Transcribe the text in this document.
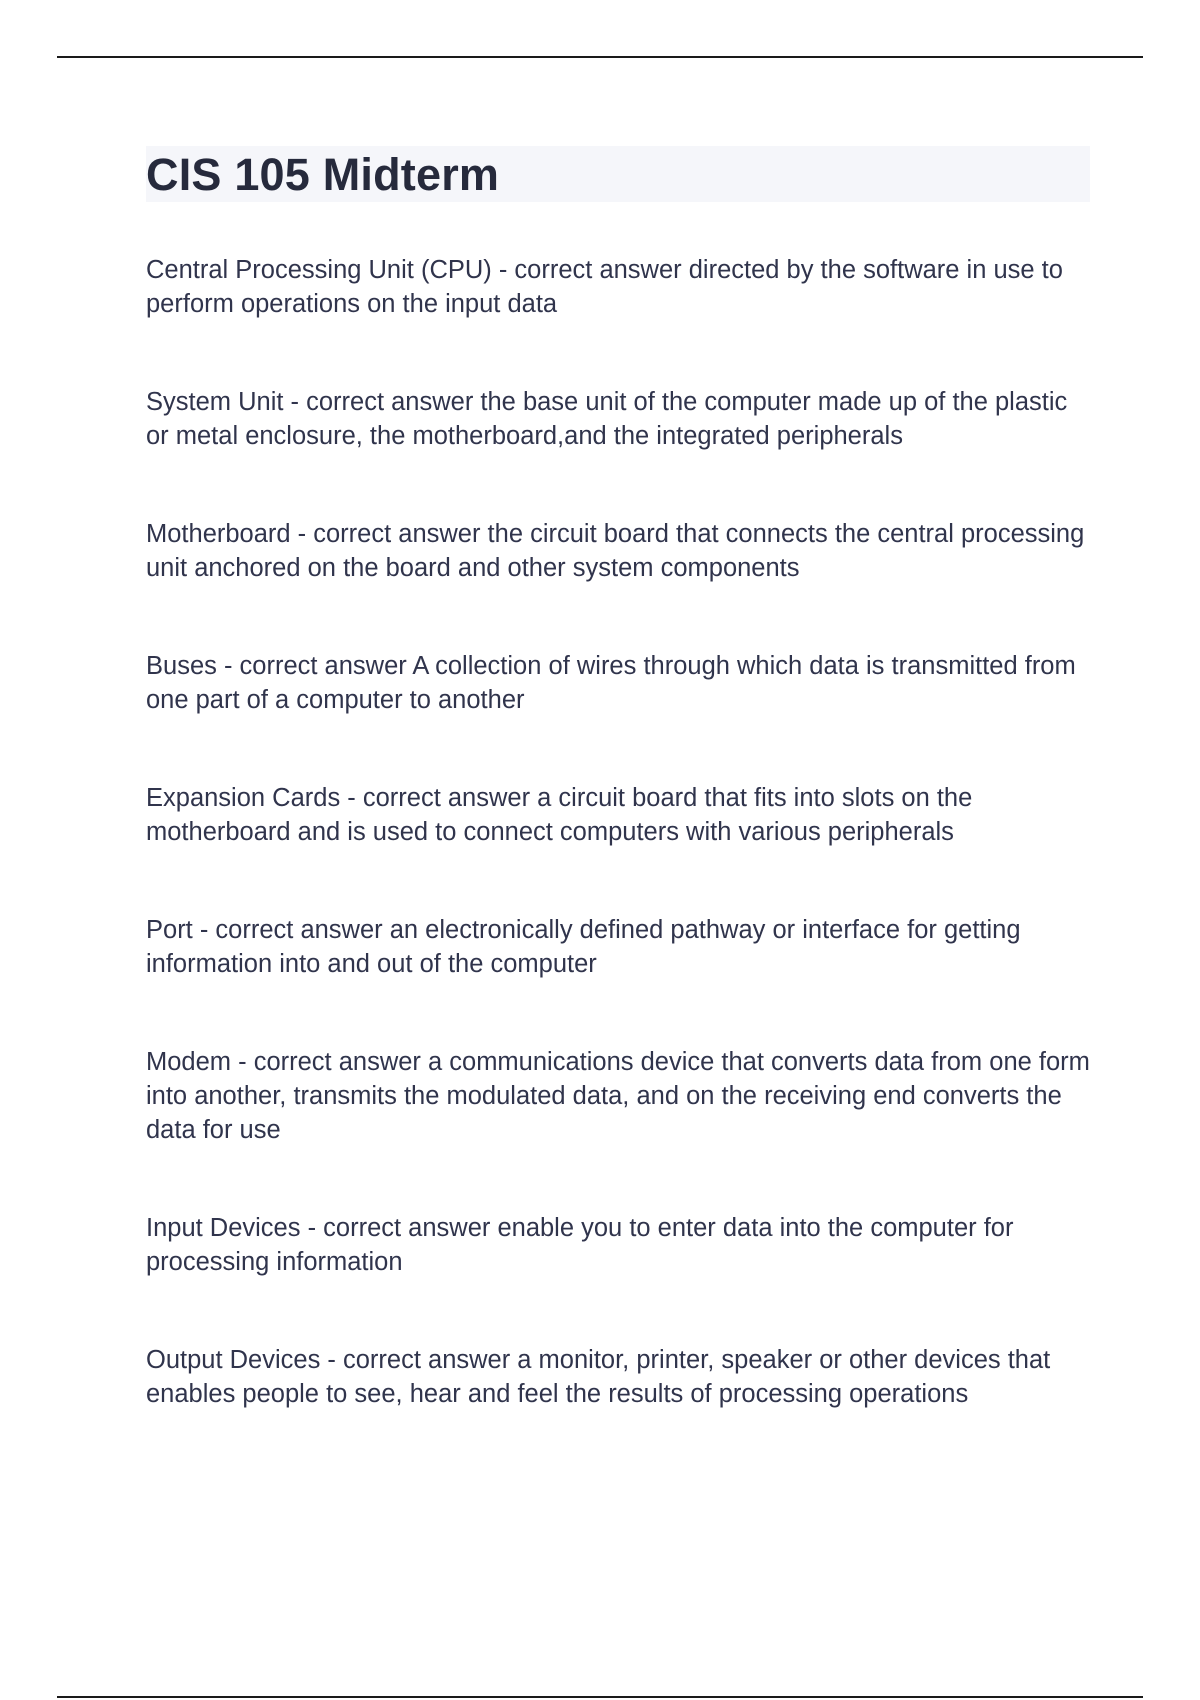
CIS 105 Midterm

Central Processing Unit (CPU) - correct answer directed by the software in use to perform operations on the input data

System Unit - correct answer the base unit of the computer made up of the plastic or metal enclosure, the motherboard,and the integrated peripherals

Motherboard - correct answer the circuit board that connects the central processing unit anchored on the board and other system components

Buses - correct answer A collection of wires through which data is transmitted from one part of a computer to another

Expansion Cards - correct answer a circuit board that fits into slots on the motherboard and is used to connect computers with various peripherals

Port - correct answer an electronically defined pathway or interface for getting information into and out of the computer

Modem - correct answer a communications device that converts data from one form into another, transmits the modulated data, and on the receiving end converts the data for use

Input Devices - correct answer enable you to enter data into the computer for processing information

Output Devices - correct answer a monitor, printer, speaker or other devices that enables people to see, hear and feel the results of processing operations
